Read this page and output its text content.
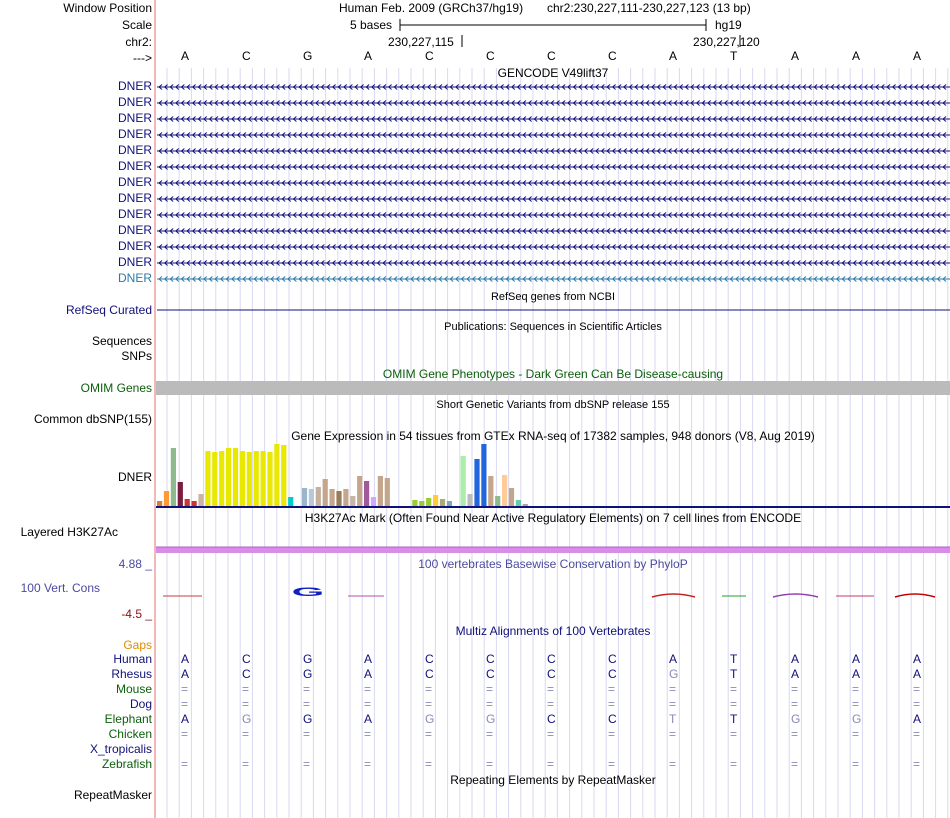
G
Window Position
Scale
chr2:
--->
Human Feb. 2009 (GRCh37/hg19) chr2:230,227,111-230,227,123 (13 bp)
5 bases	hg19
230,227,115	230,227,120
A	C	G	A	C	C	C	C	A	T	A	A	A
GENCODE V49lift37
DNER
DNER
DNER
DNER
DNER
DNER
DNER
DNER
DNER
DNER
DNER
DNER
DNER
RefSeq genes from NCBI
RefSeq Curated
Publications: Sequences in Scientific Articles
Sequences
SNPs
OMIM Gene Phenotypes - Dark Green Can Be Disease-causing
OMIM Genes
Short Genetic Variants from dbSNP release 155
Common dbSNP(155)
Gene Expression in 54 tissues from GTEx RNA-seq of 17382 samples, 948 donors (V8, Aug 2019)
DNER
H3K27Ac Mark (Often Found Near Active Regulatory Elements) on 7 cell lines from ENCODE
Layered H3K27Ac
100 vertebrates Basewise Conservation by PhyloP
4.88 _
100 Vert. Cons
-4.5 _
Multiz Alignments of 100 Vertebrates
Gaps
Human A	C	G	A	C	C	C	C	A	T	A	A	A
Rhesus A	C	G	A	C	C	C	C	G	T	A	A	A
Mouse =	=	=	=	=	=	=	=	=	=	=	=	=
Dog =	=	=	=	=	=	=	=	=	=	=	=	=
Elephant A	G	G	A	G	G	C	C	T	T	G	G	A
Chicken =	=	=	=	=	=	=	=	=	=	=	=	=
X_tropicalis
Zebrafish =	=	=	=	=	=	=	=	=	=	=	=	=
Repeating Elements by RepeatMasker
RepeatMasker
